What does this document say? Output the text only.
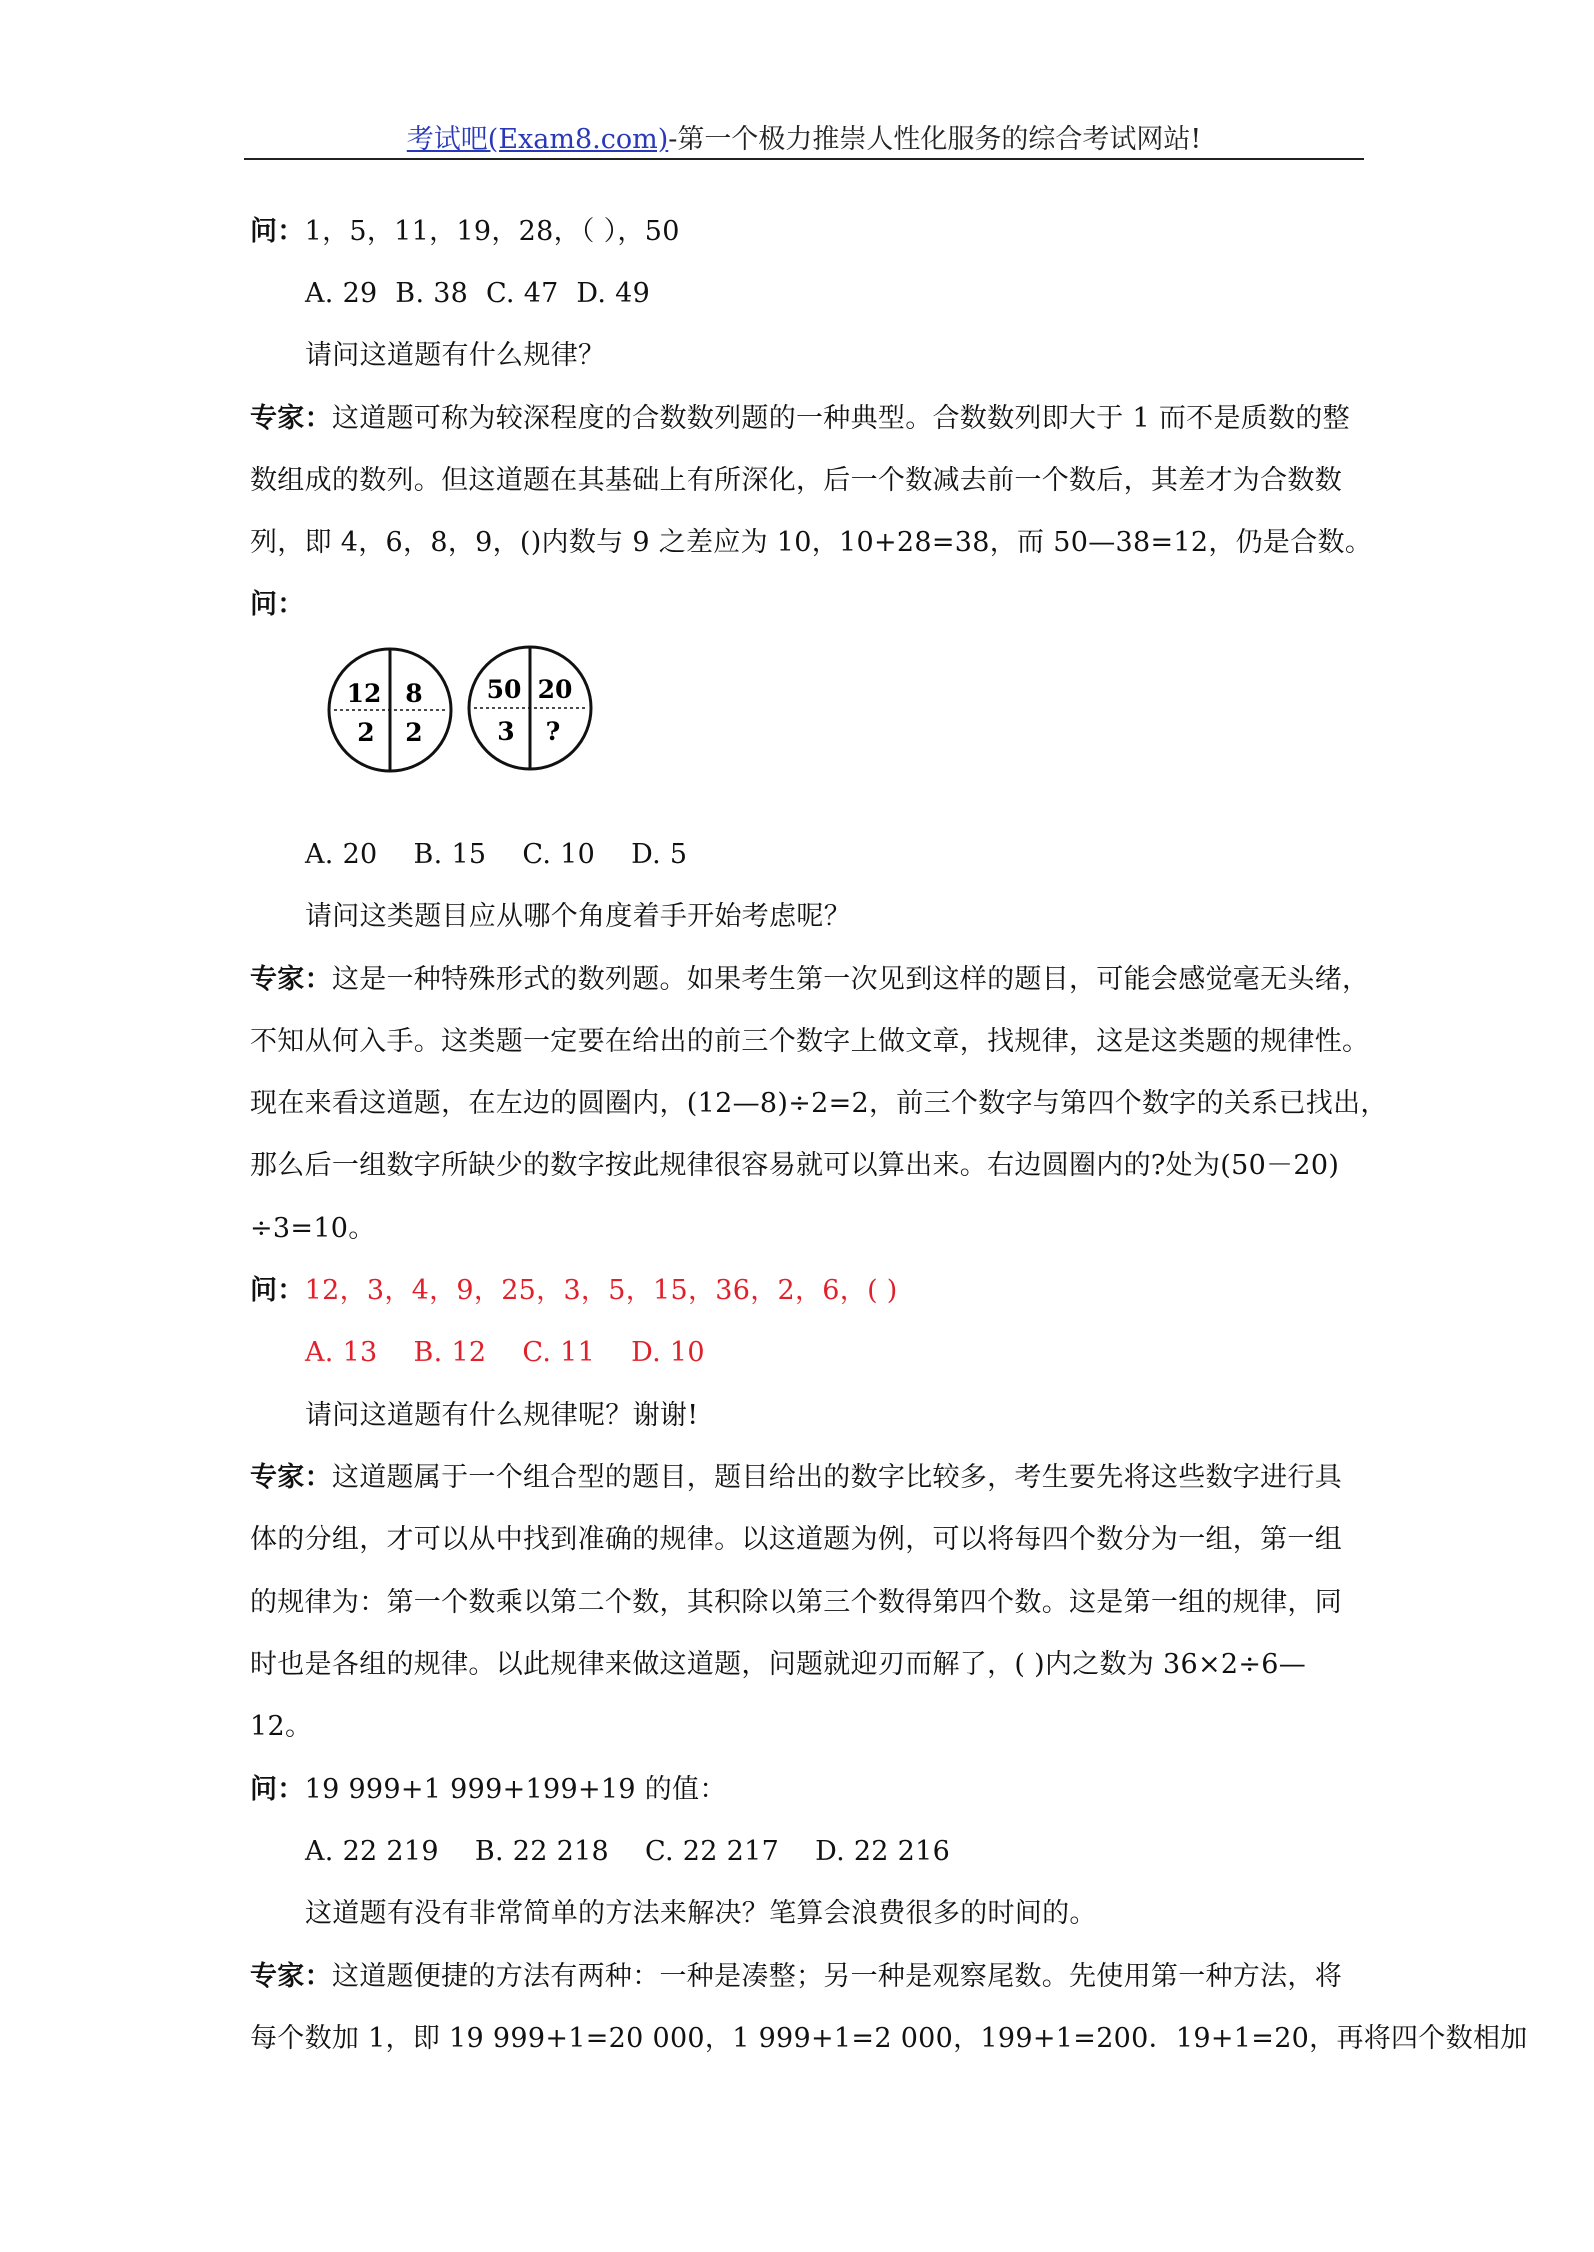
考试吧(Exam8.com)-第一个极力推崇人性化服务的综合考试网站!
问：1，5，11，19，28，（ ），50
A. 29 B. 38 C. 47 D. 49
请问这道题有什么规律？
专家：这道题可称为较深程度的合数数列题的一种典型。合数数列即大于 1 而不是质数的整
数组成的数列。但这道题在其基础上有所深化，后一个数减去前一个数后，其差才为合数数
列，即 4，6，8，9，()内数与 9 之差应为 10，10+28=38，而 50—38=12，仍是合数。
问：
12 8
2 2
50 20
3 ?
A. 20 B. 15 C. 10 D. 5
请问这类题目应从哪个角度着手开始考虑呢？
专家：这是一种特殊形式的数列题。如果考生第一次见到这样的题目，可能会感觉毫无头绪，
不知从何入手。这类题一定要在给出的前三个数字上做文章，找规律，这是这类题的规律性。
现在来看这道题，在左边的圆圈内，(12—8)÷2=2，前三个数字与第四个数字的关系已找出，
那么后一组数字所缺少的数字按此规律很容易就可以算出来。右边圆圈内的?处为(50－20)
÷3=10。
问：12，3，4，9，25，3，5，15，36，2，6，( )
A. 13 B. 12 C. 11 D. 10
请问这道题有什么规律呢？谢谢!
专家：这道题属于一个组合型的题目，题目给出的数字比较多，考生要先将这些数字进行具
体的分组，才可以从中找到准确的规律。以这道题为例，可以将每四个数分为一组，第一组
的规律为：第一个数乘以第二个数，其积除以第三个数得第四个数。这是第一组的规律，同
时也是各组的规律。以此规律来做这道题，问题就迎刃而解了，( )内之数为 36×2÷6—
12。
问：19 999+1 999+199+19 的值：
A. 22 219 B. 22 218 C. 22 217 D. 22 216
这道题有没有非常简单的方法来解决？笔算会浪费很多的时间的。
专家：这道题便捷的方法有两种：一种是凑整；另一种是观察尾数。先使用第一种方法，将
每个数加 1，即 19 999+1=20 000，1 999+1=2 000，199+1=200．19+1=20，再将四个数相加
